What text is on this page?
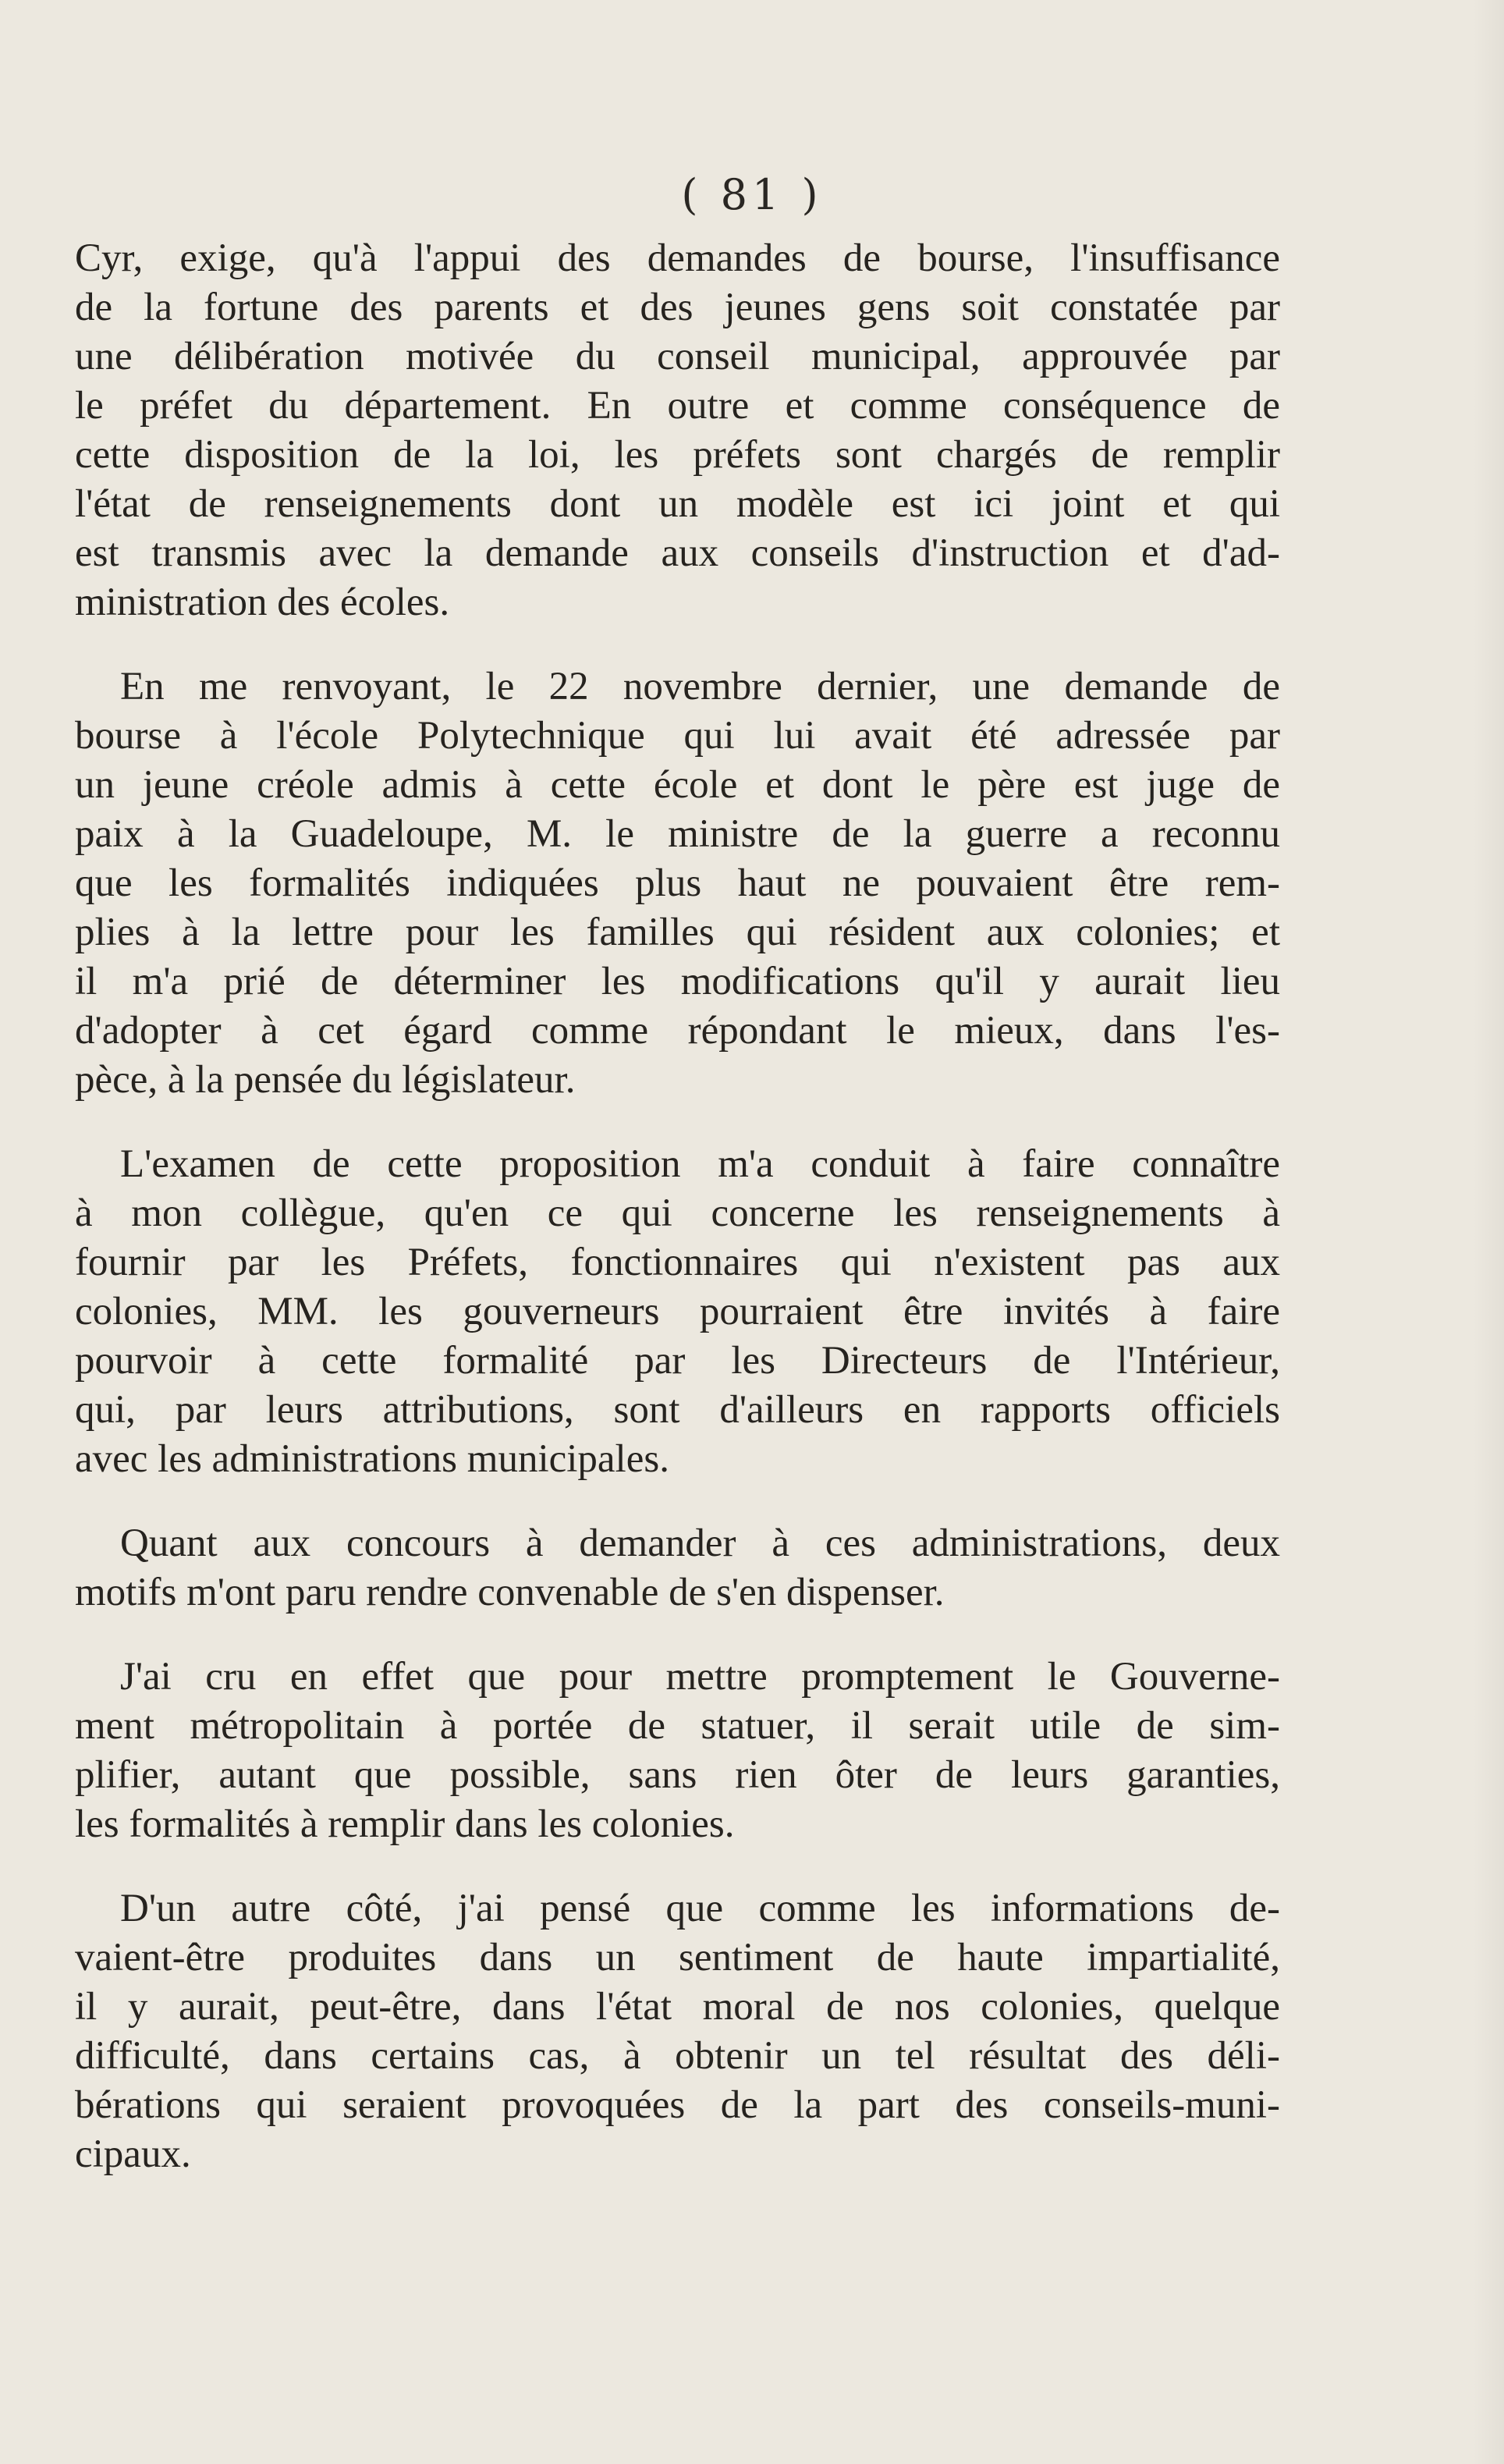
( 81 )
Cyr, exige, qu'à l'appui des demandes de bourse, l'insuffisance
de la fortune des parents et des jeunes gens soit constatée par
une délibération motivée du conseil municipal, approuvée par
le préfet du département. En outre et comme conséquence de
cette disposition de la loi, les préfets sont chargés de remplir
l'état de renseignements dont un modèle est ici joint et qui
est transmis avec la demande aux conseils d'instruction et d'ad-
ministration des écoles.
En me renvoyant, le 22 novembre dernier, une demande de
bourse à l'école Polytechnique qui lui avait été adressée par
un jeune créole admis à cette école et dont le père est juge de
paix à la Guadeloupe, M. le ministre de la guerre a reconnu
que les formalités indiquées plus haut ne pouvaient être rem-
plies à la lettre pour les familles qui résident aux colonies; et
il m'a prié de déterminer les modifications qu'il y aurait lieu
d'adopter à cet égard comme répondant le mieux, dans l'es-
pèce, à la pensée du législateur.
L'examen de cette proposition m'a conduit à faire connaître
à mon collègue, qu'en ce qui concerne les renseignements à
fournir par les Préfets, fonctionnaires qui n'existent pas aux
colonies, MM. les gouverneurs pourraient être invités à faire
pourvoir à cette formalité par les Directeurs de l'Intérieur,
qui, par leurs attributions, sont d'ailleurs en rapports officiels
avec les administrations municipales.
Quant aux concours à demander à ces administrations, deux
motifs m'ont paru rendre convenable de s'en dispenser.
J'ai cru en effet que pour mettre promptement le Gouverne-
ment métropolitain à portée de statuer, il serait utile de sim-
plifier, autant que possible, sans rien ôter de leurs garanties,
les formalités à remplir dans les colonies.
D'un autre côté, j'ai pensé que comme les informations de-
vaient-être produites dans un sentiment de haute impartialité,
il y aurait, peut-être, dans l'état moral de nos colonies, quelque
difficulté, dans certains cas, à obtenir un tel résultat des déli-
bérations qui seraient provoquées de la part des conseils-muni-
cipaux.
